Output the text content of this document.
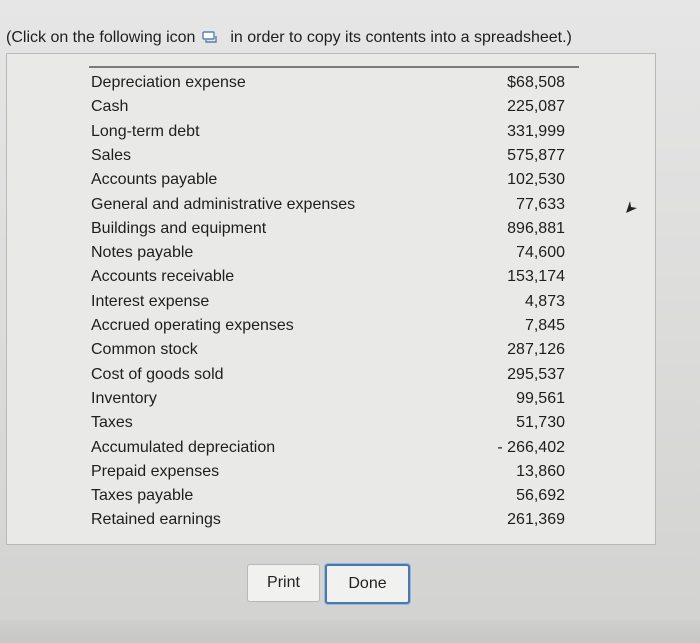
(Click on the following icon in order to copy its contents into a spreadsheet.)
Depreciation expense	$68,508
Cash	225,087
Long-term debt	331,999
Sales	575,877
Accounts payable	102,530
General and administrative expenses	77,633
Buildings and equipment	896,881
Notes payable	74,600
Accounts receivable	153,174
Interest expense	4,873
Accrued operating expenses	7,845
Common stock	287,126
Cost of goods sold	295,537
Inventory	99,561
Taxes	51,730
Accumulated depreciation	- 266,402
Prepaid expenses	13,860
Taxes payable	56,692
Retained earnings	261,369
Print	Done
